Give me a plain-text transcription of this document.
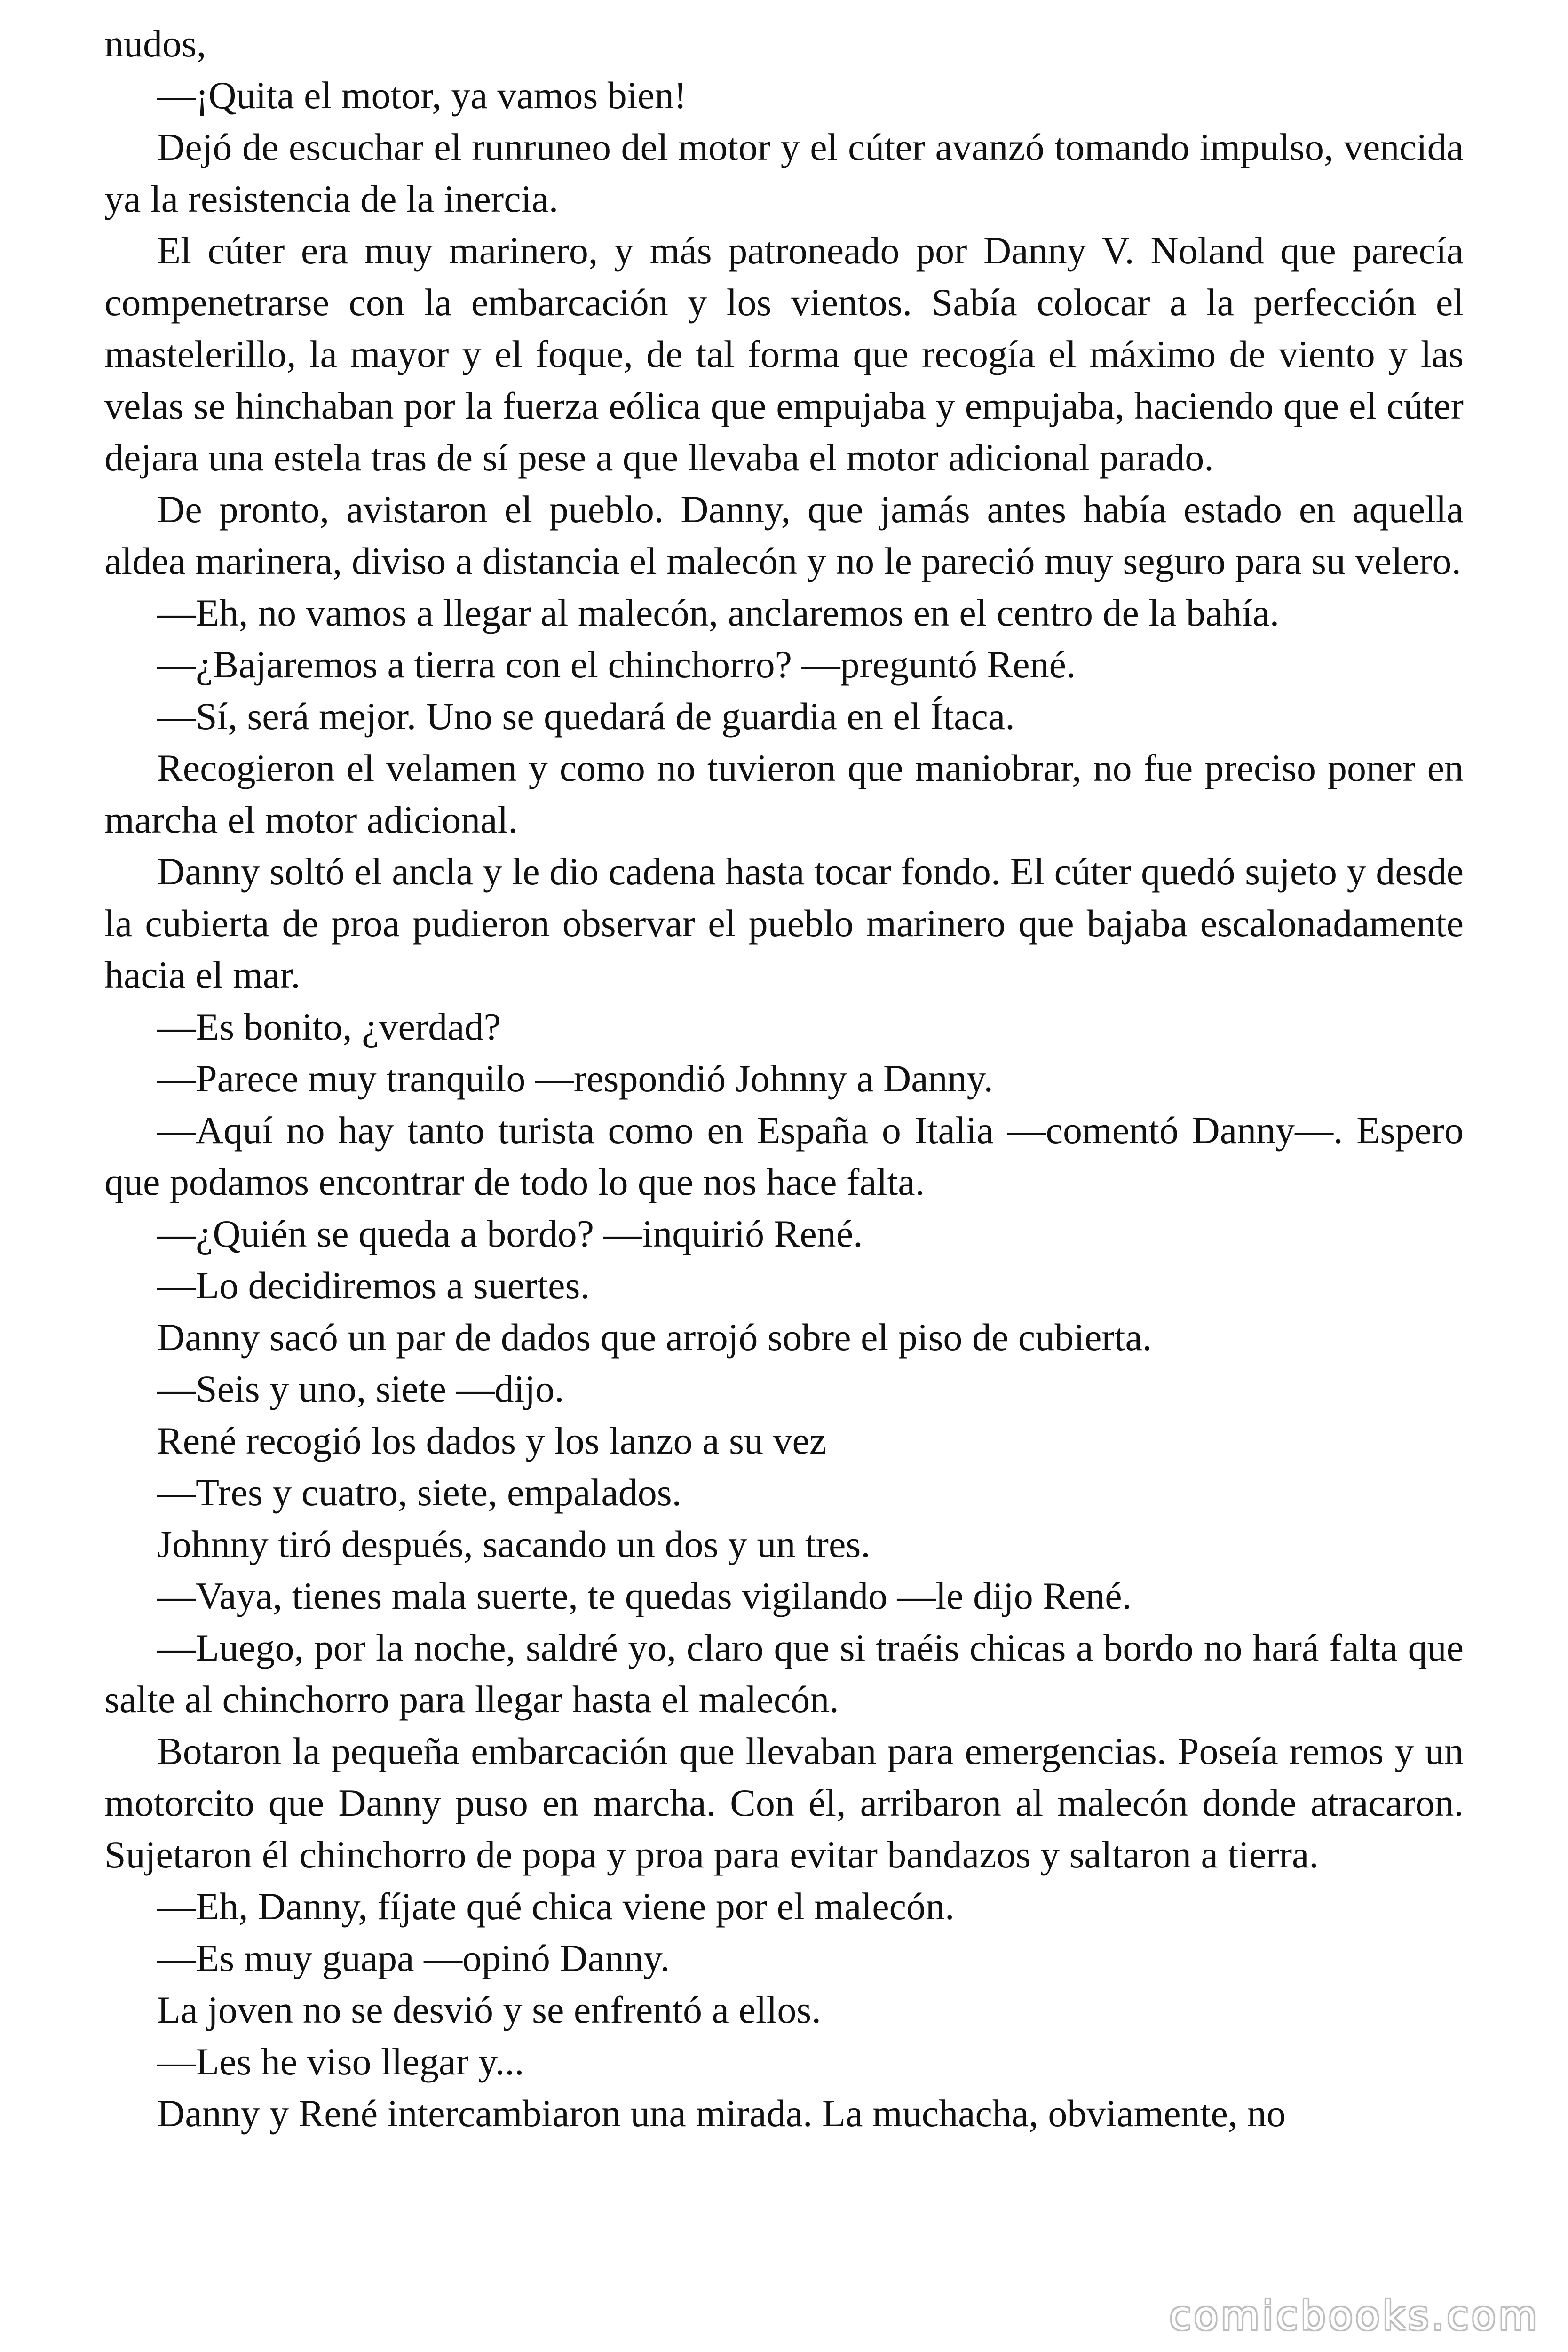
nudos,

—¡Quita el motor, ya vamos bien!

Dejó de escuchar el runruneo del motor y el cúter avanzó tomando impulso, vencida ya la resistencia de la inercia.

El cúter era muy marinero, y más patroneado por Danny V. Noland que parecía compenetrarse con la embarcación y los vientos. Sabía colocar a la perfección el mastelerillo, la mayor y el foque, de tal forma que recogía el máximo de viento y las velas se hinchaban por la fuerza eólica que empujaba y empujaba, haciendo que el cúter dejara una estela tras de sí pese a que llevaba el motor adicional parado.

De pronto, avistaron el pueblo. Danny, que jamás antes había estado en aquella aldea marinera, diviso a distancia el malecón y no le pareció muy seguro para su velero.

—Eh, no vamos a llegar al malecón, anclaremos en el centro de la bahía.

—¿Bajaremos a tierra con el chinchorro? —preguntó René.

—Sí, será mejor. Uno se quedará de guardia en el Ítaca.

Recogieron el velamen y como no tuvieron que maniobrar, no fue preciso poner en marcha el motor adicional.

Danny soltó el ancla y le dio cadena hasta tocar fondo. El cúter quedó sujeto y desde la cubierta de proa pudieron observar el pueblo marinero que bajaba escalonadamente hacia el mar.

—Es bonito, ¿verdad?

—Parece muy tranquilo —respondió Johnny a Danny.

—Aquí no hay tanto turista como en España o Italia —comentó Danny—. Espero que podamos encontrar de todo lo que nos hace falta.

—¿Quién se queda a bordo? —inquirió René.

—Lo decidiremos a suertes.

Danny sacó un par de dados que arrojó sobre el piso de cubierta.

—Seis y uno, siete —dijo.

René recogió los dados y los lanzo a su vez

—Tres y cuatro, siete, empalados.

Johnny tiró después, sacando un dos y un tres.

—Vaya, tienes mala suerte, te quedas vigilando —le dijo René.

—Luego, por la noche, saldré yo, claro que si traéis chicas a bordo no hará falta que salte al chinchorro para llegar hasta el malecón.

Botaron la pequeña embarcación que llevaban para emergencias. Poseía remos y un motorcito que Danny puso en marcha. Con él, arribaron al malecón donde atracaron. Sujetaron él chinchorro de popa y proa para evitar bandazos y saltaron a tierra.

—Eh, Danny, fíjate qué chica viene por el malecón.

—Es muy guapa —opinó Danny.

La joven no se desvió y se enfrentó a ellos.

—Les he viso llegar y...

Danny y René intercambiaron una mirada. La muchacha, obviamente, no

comicbooks.com
